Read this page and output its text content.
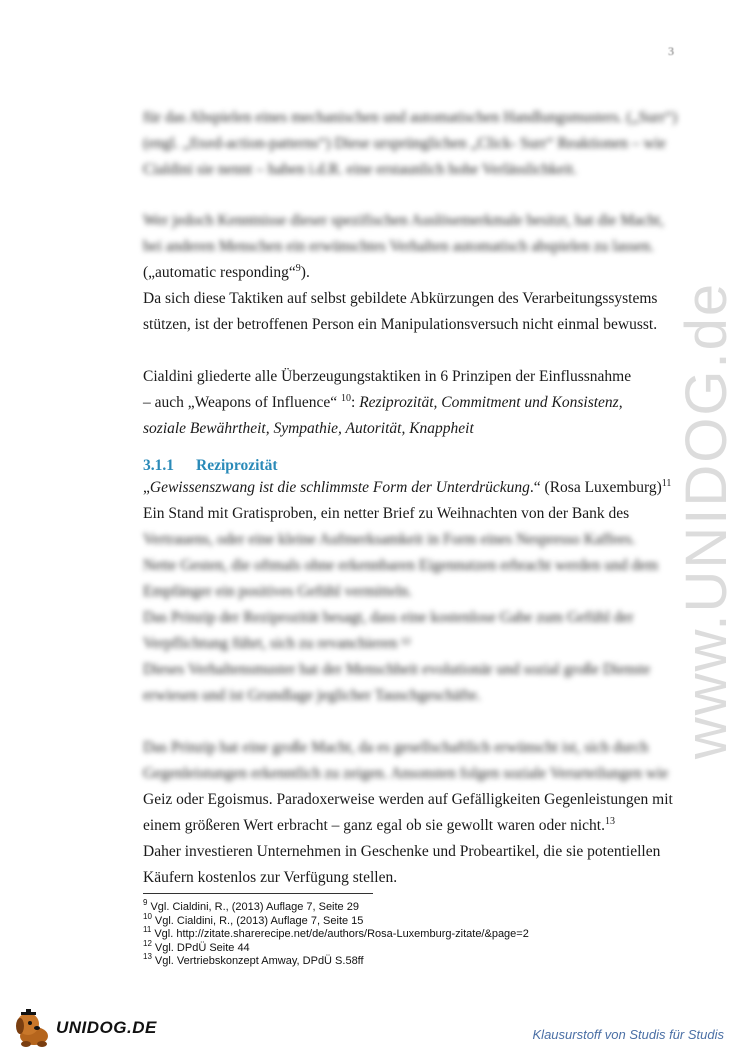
3
www.UNIDOG.de
für das Abspielen eines mechanischen und automatischen Handlungsmusters. („Surr“)
(engl. „fixed-action-patterns“) Diese ursprünglichen „Click- Surr“ Reaktionen – wie
Cialdini sie nennt – haben i.d.R. eine erstaunlich hohe Verlässlichkeit.
Wer jedoch Kenntnisse dieser spezifischen Auslösemerkmale besitzt, hat die Macht,
bei anderen Menschen ein erwünschtes Verhalten automatisch abspielen zu lassen.
(„automatic responding“$^9$).
Da sich diese Taktiken auf selbst gebildete Abkürzungen des Verarbeitungssystems
stützen, ist der betroffenen Person ein Manipulationsversuch nicht einmal bewusst.
Cialdini gliederte alle Überzeugungstaktiken in 6 Prinzipen der Einflussnahme
– auch „Weapons of Influence“ $^{10}$: Reziprozität, Commitment und Konsistenz,
soziale Bewährtheit, Sympathie, Autorität, Knappheit
3.1.1 Reziprozität
„Gewissenszwang ist die schlimmste Form der Unterdrückung.“ (Rosa Luxemburg)$^{11}$
Ein Stand mit Gratisproben, ein netter Brief zu Weihnachten von der Bank des
Vertrauens, oder eine kleine Aufmerksamkeit in Form eines Nespresso Kaffees.
Nette Gesten, die oftmals ohne erkennbaren Eigennutzen erbracht werden und dem
Empfänger ein positives Gefühl vermitteln.
Das Prinzip der Reziprozität besagt, dass eine kostenlose Gabe zum Gefühl der
Verpflichtung führt, sich zu revanchieren ¹²
Dieses Verhaltensmuster hat der Menschheit evolutionär und sozial große Dienste
erwiesen und ist Grundlage jeglicher Tauschgeschäfte.
Das Prinzip hat eine große Macht, da es gesellschaftlich erwünscht ist, sich durch
Gegenleistungen erkenntlich zu zeigen. Ansonsten folgen soziale Verurteilungen wie
Geiz oder Egoismus. Paradoxerweise werden auf Gefälligkeiten Gegenleistungen mit
einem größeren Wert erbracht – ganz egal ob sie gewollt waren oder nicht.$^{13}$
Daher investieren Unternehmen in Geschenke und Probeartikel, die sie potentiellen
Käufern kostenlos zur Verfügung stellen.
$^9$ Vgl. Cialdini, R., (2013) Auflage 7, Seite 29
$^{10}$ Vgl. Cialdini, R., (2013) Auflage 7, Seite 15
$^{11}$ Vgl. http://zitate.sharerecipe.net/de/authors/Rosa-Luxemburg-zitate/&page=2
$^{12}$ Vgl. DPdÜ Seite 44
$^{13}$ Vgl. Vertriebskonzept Amway, DPdÜ S.58ff
UNIDOG.DE	Klausurstoff von Studis für Studis
